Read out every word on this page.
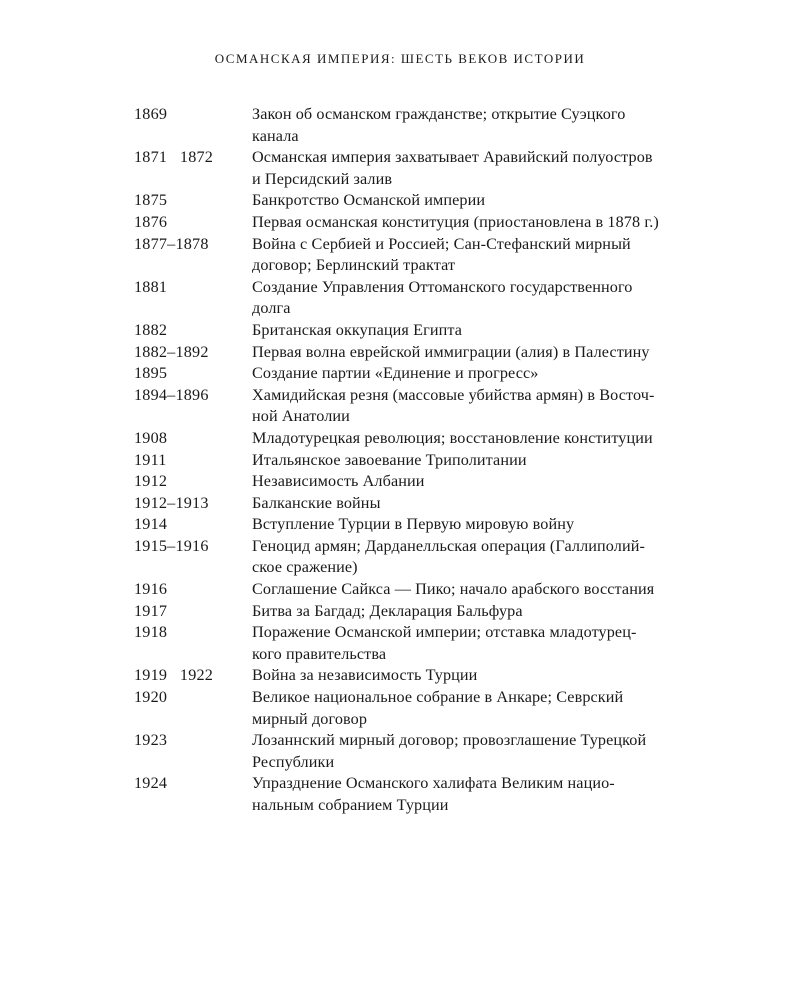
ОСМАНСКАЯ ИМПЕРИЯ: ШЕСТЬ ВЕКОВ ИСТОРИИ
1869	Закон об османском гражданстве; открытие Суэцкого
канала
1871   1872	Османская империя захватывает Аравийский полуостров
и Персидский залив
1875	Банкротство Османской империи
1876	Первая османская конституция (приостановлена в 1878 г.)
1877–1878	Война с Сербией и Россией; Сан-Стефанский мирный
договор; Берлинский трактат
1881	Создание Управления Оттоманского государственного
долга
1882	Британская оккупация Египта
1882–1892	Первая волна еврейской иммиграции (алия) в Палестину
1895	Создание партии «Единение и прогресс»
1894–1896	Хамидийская резня (массовые убийства армян) в Восточ-
ной Анатолии
1908	Младотурецкая революция; восстановление конституции
1911	Итальянское завоевание Триполитании
1912	Независимость Албании
1912–1913	Балканские войны
1914	Вступление Турции в Первую мировую войну
1915–1916	Геноцид армян; Дарданелльская операция (Галлиполий-
ское сражение)
1916	Соглашение Сайкса — Пико; начало арабского восстания
1917	Битва за Багдад; Декларация Бальфура
1918	Поражение Османской империи; отставка младотурец-
кого правительства
1919   1922	Война за независимость Турции
1920	Великое национальное собрание в Анкаре; Севрский
мирный договор
1923	Лозаннский мирный договор; провозглашение Турецкой
Республики
1924	Упразднение Османского халифата Великим нацио-
нальным собранием Турции
